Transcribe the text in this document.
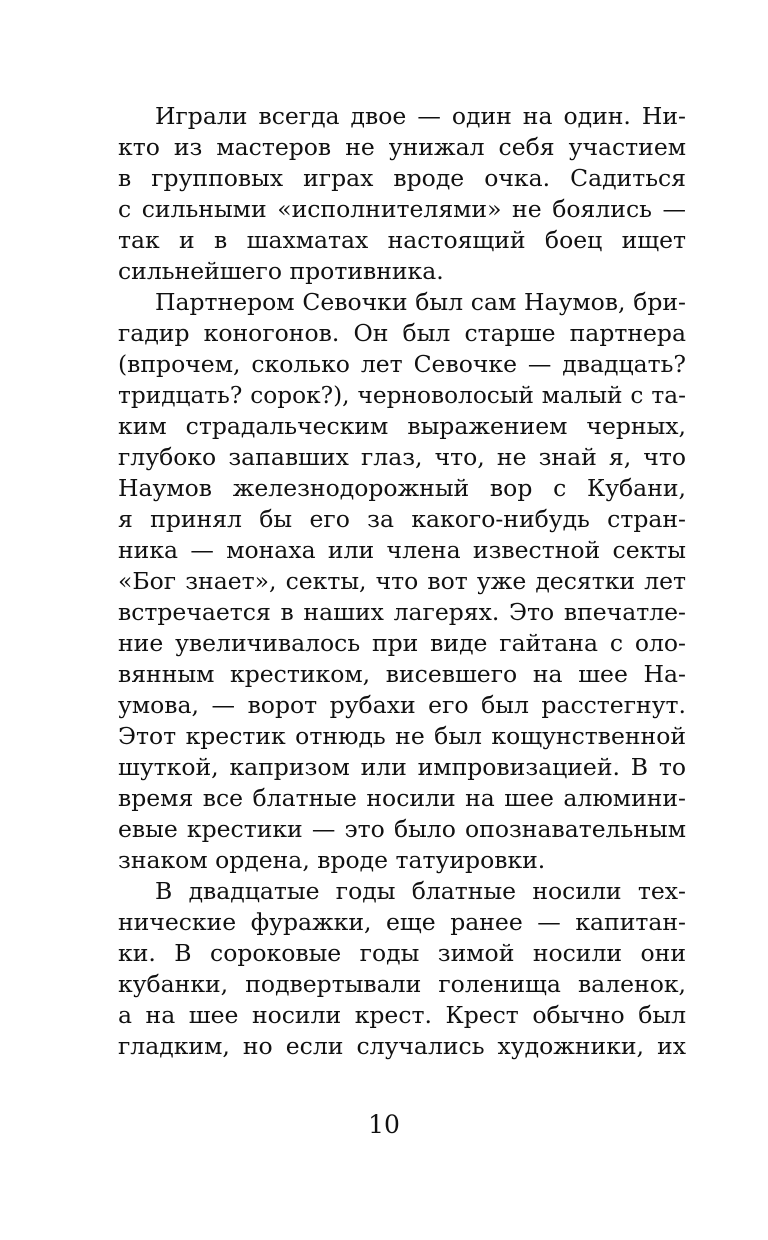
Играли всегда двое — один на один. Ни-
кто из мастеров не унижал себя участием
в групповых играх вроде очка. Садиться
с сильными «исполнителями» не боялись —
так и в шахматах настоящий боец ищет
сильнейшего противника.
Партнером Севочки был сам Наумов, бри-
гадир коногонов. Он был старше партнера
(впрочем, сколько лет Севочке — двадцать?
тридцать? сорок?), черноволосый малый с та-
ким страдальческим выражением черных,
глубоко запавших глаз, что, не знай я, что
Наумов железнодорожный вор с Кубани,
я принял бы его за какого-нибудь стран-
ника — монаха или члена известной секты
«Бог знает», секты, что вот уже десятки лет
встречается в наших лагерях. Это впечатле-
ние увеличивалось при виде гайтана с оло-
вянным крестиком, висевшего на шее На-
умова, — ворот рубахи его был расстегнут.
Этот крестик отнюдь не был кощунственной
шуткой, капризом или импровизацией. В то
время все блатные носили на шее алюмини-
евые крестики — это было опознавательным
знаком ордена, вроде татуировки.
В двадцатые годы блатные носили тех-
нические фуражки, еще ранее — капитан-
ки. В сороковые годы зимой носили они
кубанки, подвертывали голенища валенок,
а на шее носили крест. Крест обычно был
гладким, но если случались художники, их
10
